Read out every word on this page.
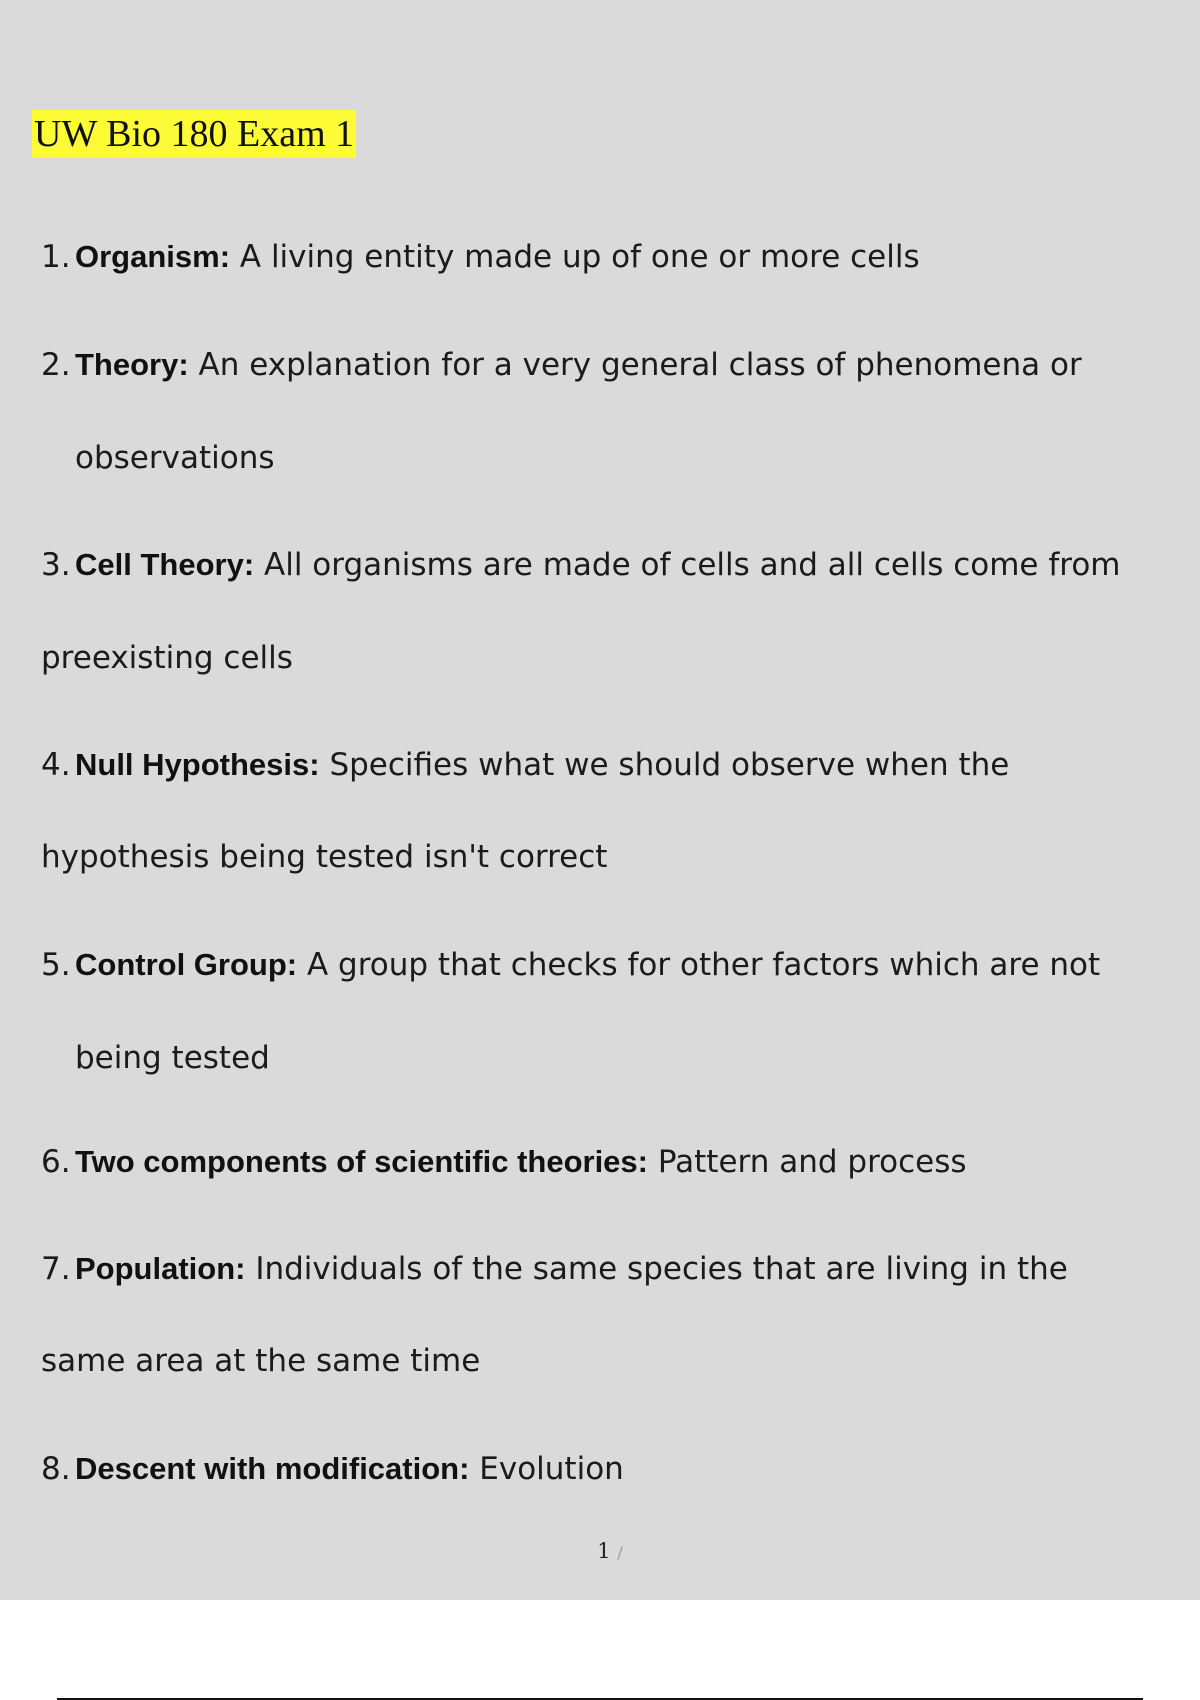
UW Bio 180 Exam 1
1. Organism: A living entity made up of one or more cells
2. Theory: An explanation for a very general class of phenomena or
observations
3. Cell Theory: All organisms are made of cells and all cells come from
preexisting cells
4. Null Hypothesis: Specifies what we should observe when the
hypothesis being tested isn't correct
5. Control Group: A group that checks for other factors which are not
being tested
6. Two components of scientific theories: Pattern and process
7. Population: Individuals of the same species that are living in the
same area at the same time
8. Descent with modification: Evolution
1 /
